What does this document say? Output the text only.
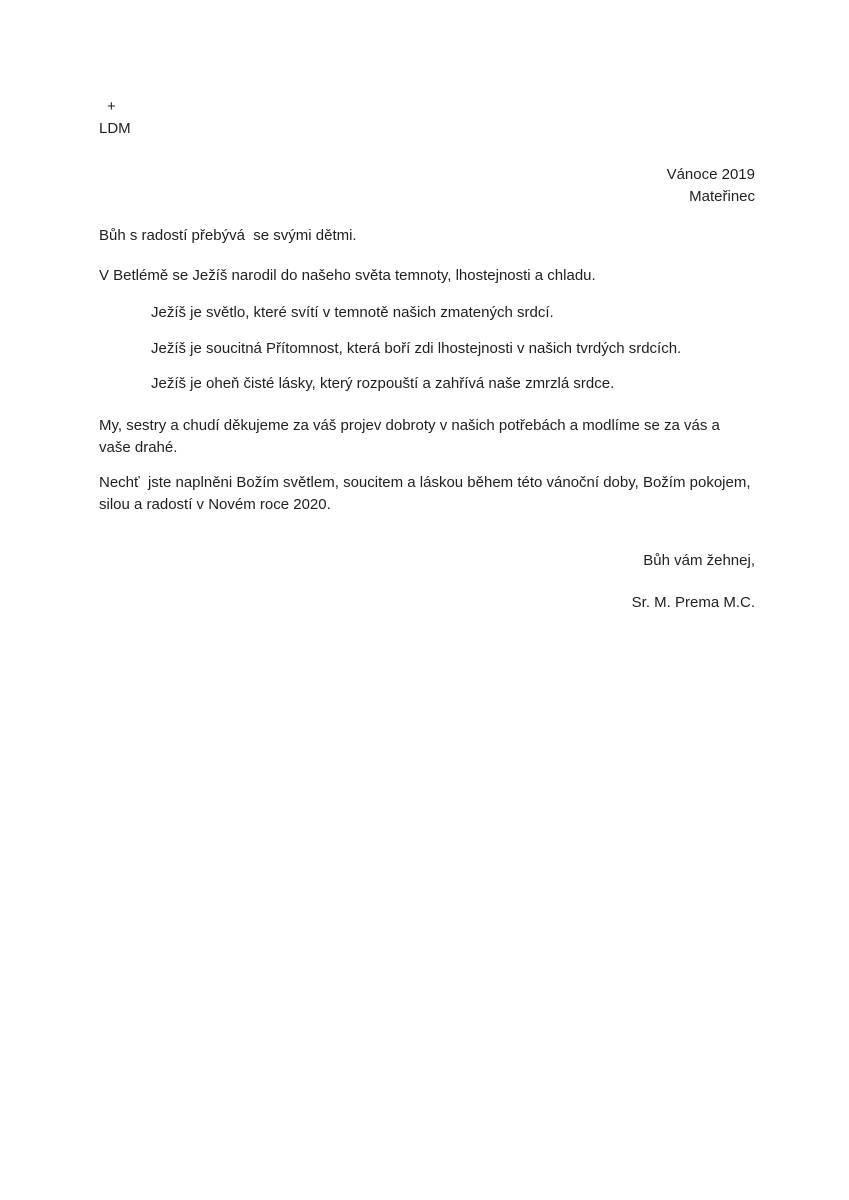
+

LDM

Vánoce 2019

Mateřinec

Bůh s radostí přebývá  se svými dětmi.

V Betlémě se Ježíš narodil do našeho světa temnoty, lhostejnosti a chladu.

Ježíš je světlo, které svítí v temnotě našich zmatených srdcí.

Ježíš je soucitná Přítomnost, která boří zdi lhostejnosti v našich tvrdých srdcích.

Ježíš je oheň čisté lásky, který rozpouští a zahřívá naše zmrzlá srdce.

My, sestry a chudí děkujeme za váš projev dobroty v našich potřebách a modlíme se za vás a vaše drahé.

Nechť  jste naplněni Božím světlem, soucitem a láskou během této vánoční doby, Božím pokojem, silou a radostí v Novém roce 2020.

Bůh vám žehnej,

Sr. M. Prema M.C.
